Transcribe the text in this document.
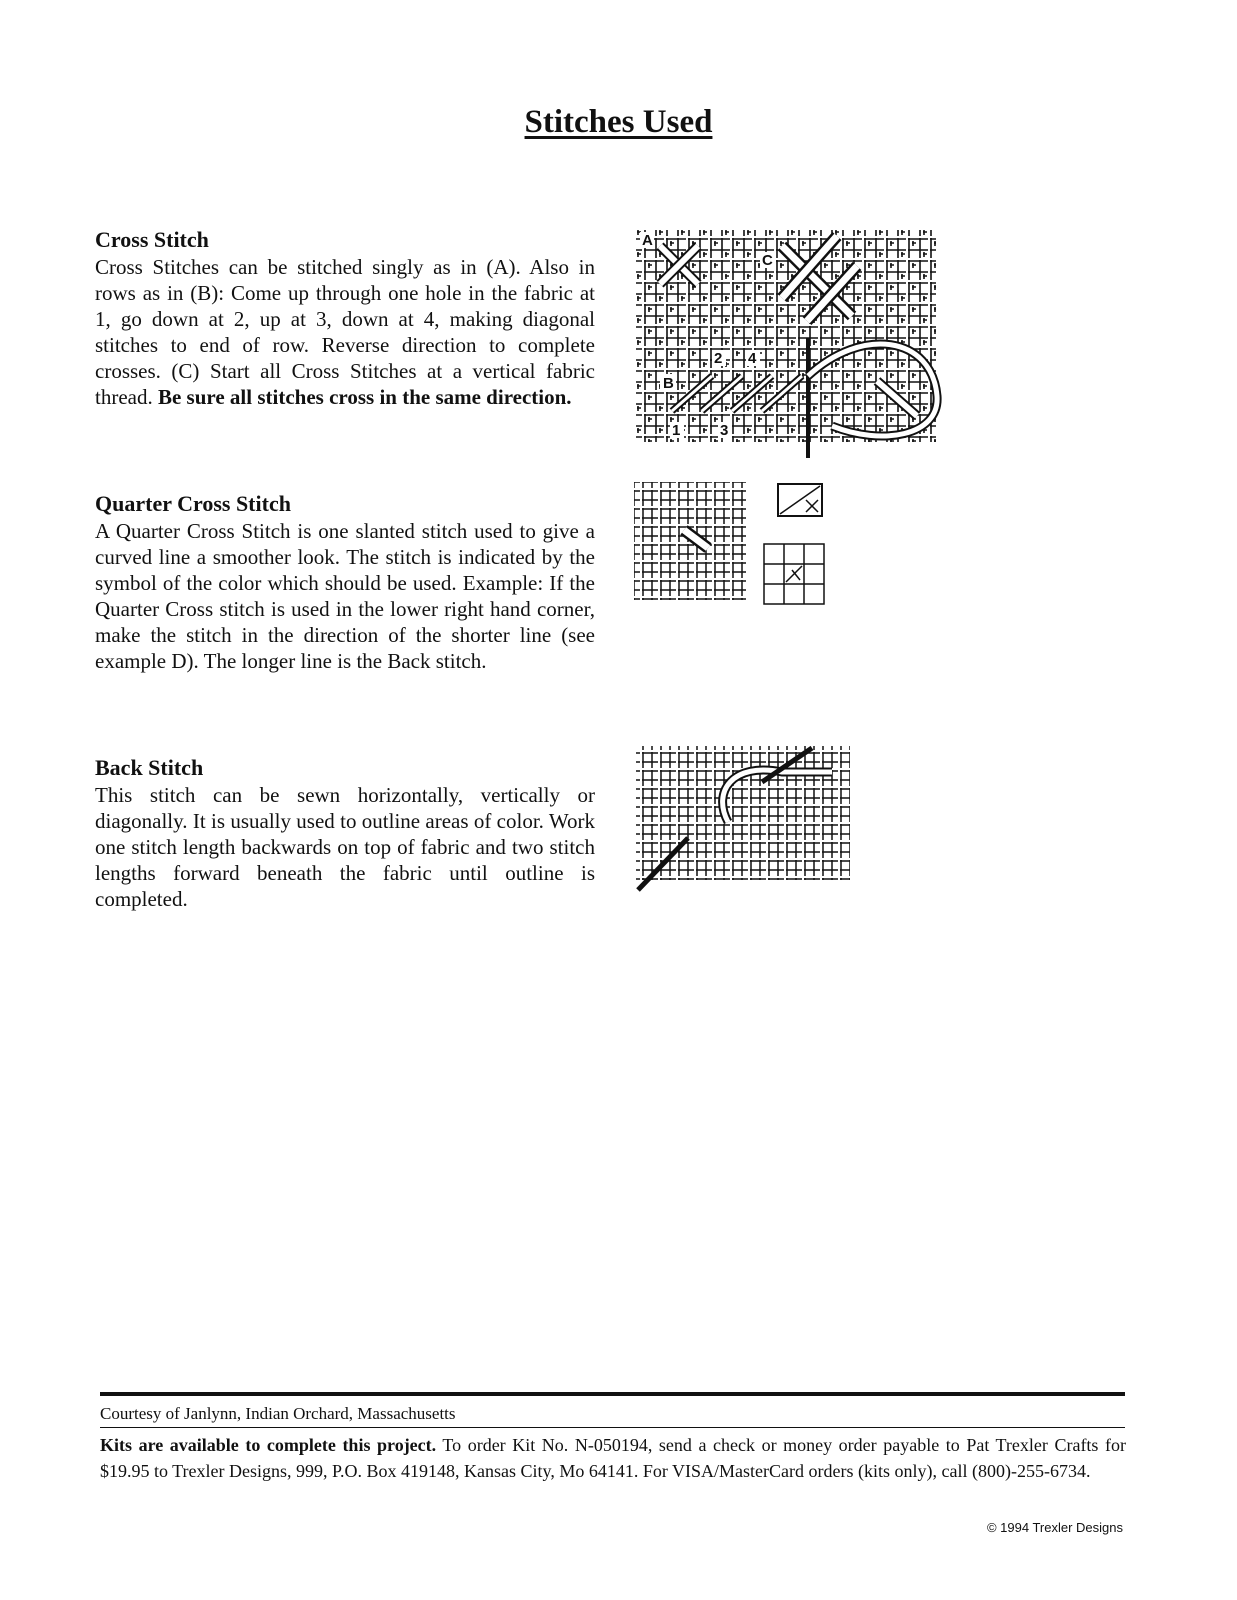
Stitches Used
Cross Stitch

Cross Stitches can be stitched singly as in (A). Also in rows as in (B): Come up through one hole in the fabric at 1, go down at 2, up at 3, down at 4, making diagonal stitches to end of row. Reverse direction to complete crosses. (C) Start all Cross Stitches at a vertical fabric thread. Be sure all stitches cross in the same direction.

A
C
B
2 4
1	3
Quarter Cross Stitch

A Quarter Cross Stitch is one slanted stitch used to give a curved line a smoother look. The stitch is indicated by the symbol of the color which should be used. Example: If the Quarter Cross stitch is used in the lower right hand corner, make the stitch in the direction of the shorter line (see example D). The longer line is the Back stitch.

Back Stitch

This stitch can be sewn horizontally, vertically or diagonally. It is usually used to outline areas of color. Work one stitch length backwards on top of fabric and two stitch lengths forward beneath the fabric until outline is completed.

Courtesy of Janlynn, Indian Orchard, Massachusetts
Kits are available to complete this project. To order Kit No. N-050194, send a check or money order payable to Pat Trexler Crafts for $19.95 to Trexler Designs, 999, P.O. Box 419148, Kansas City, Mo 64141. For VISA/MasterCard orders (kits only), call (800)-255-6734.
© 1994 Trexler Designs
